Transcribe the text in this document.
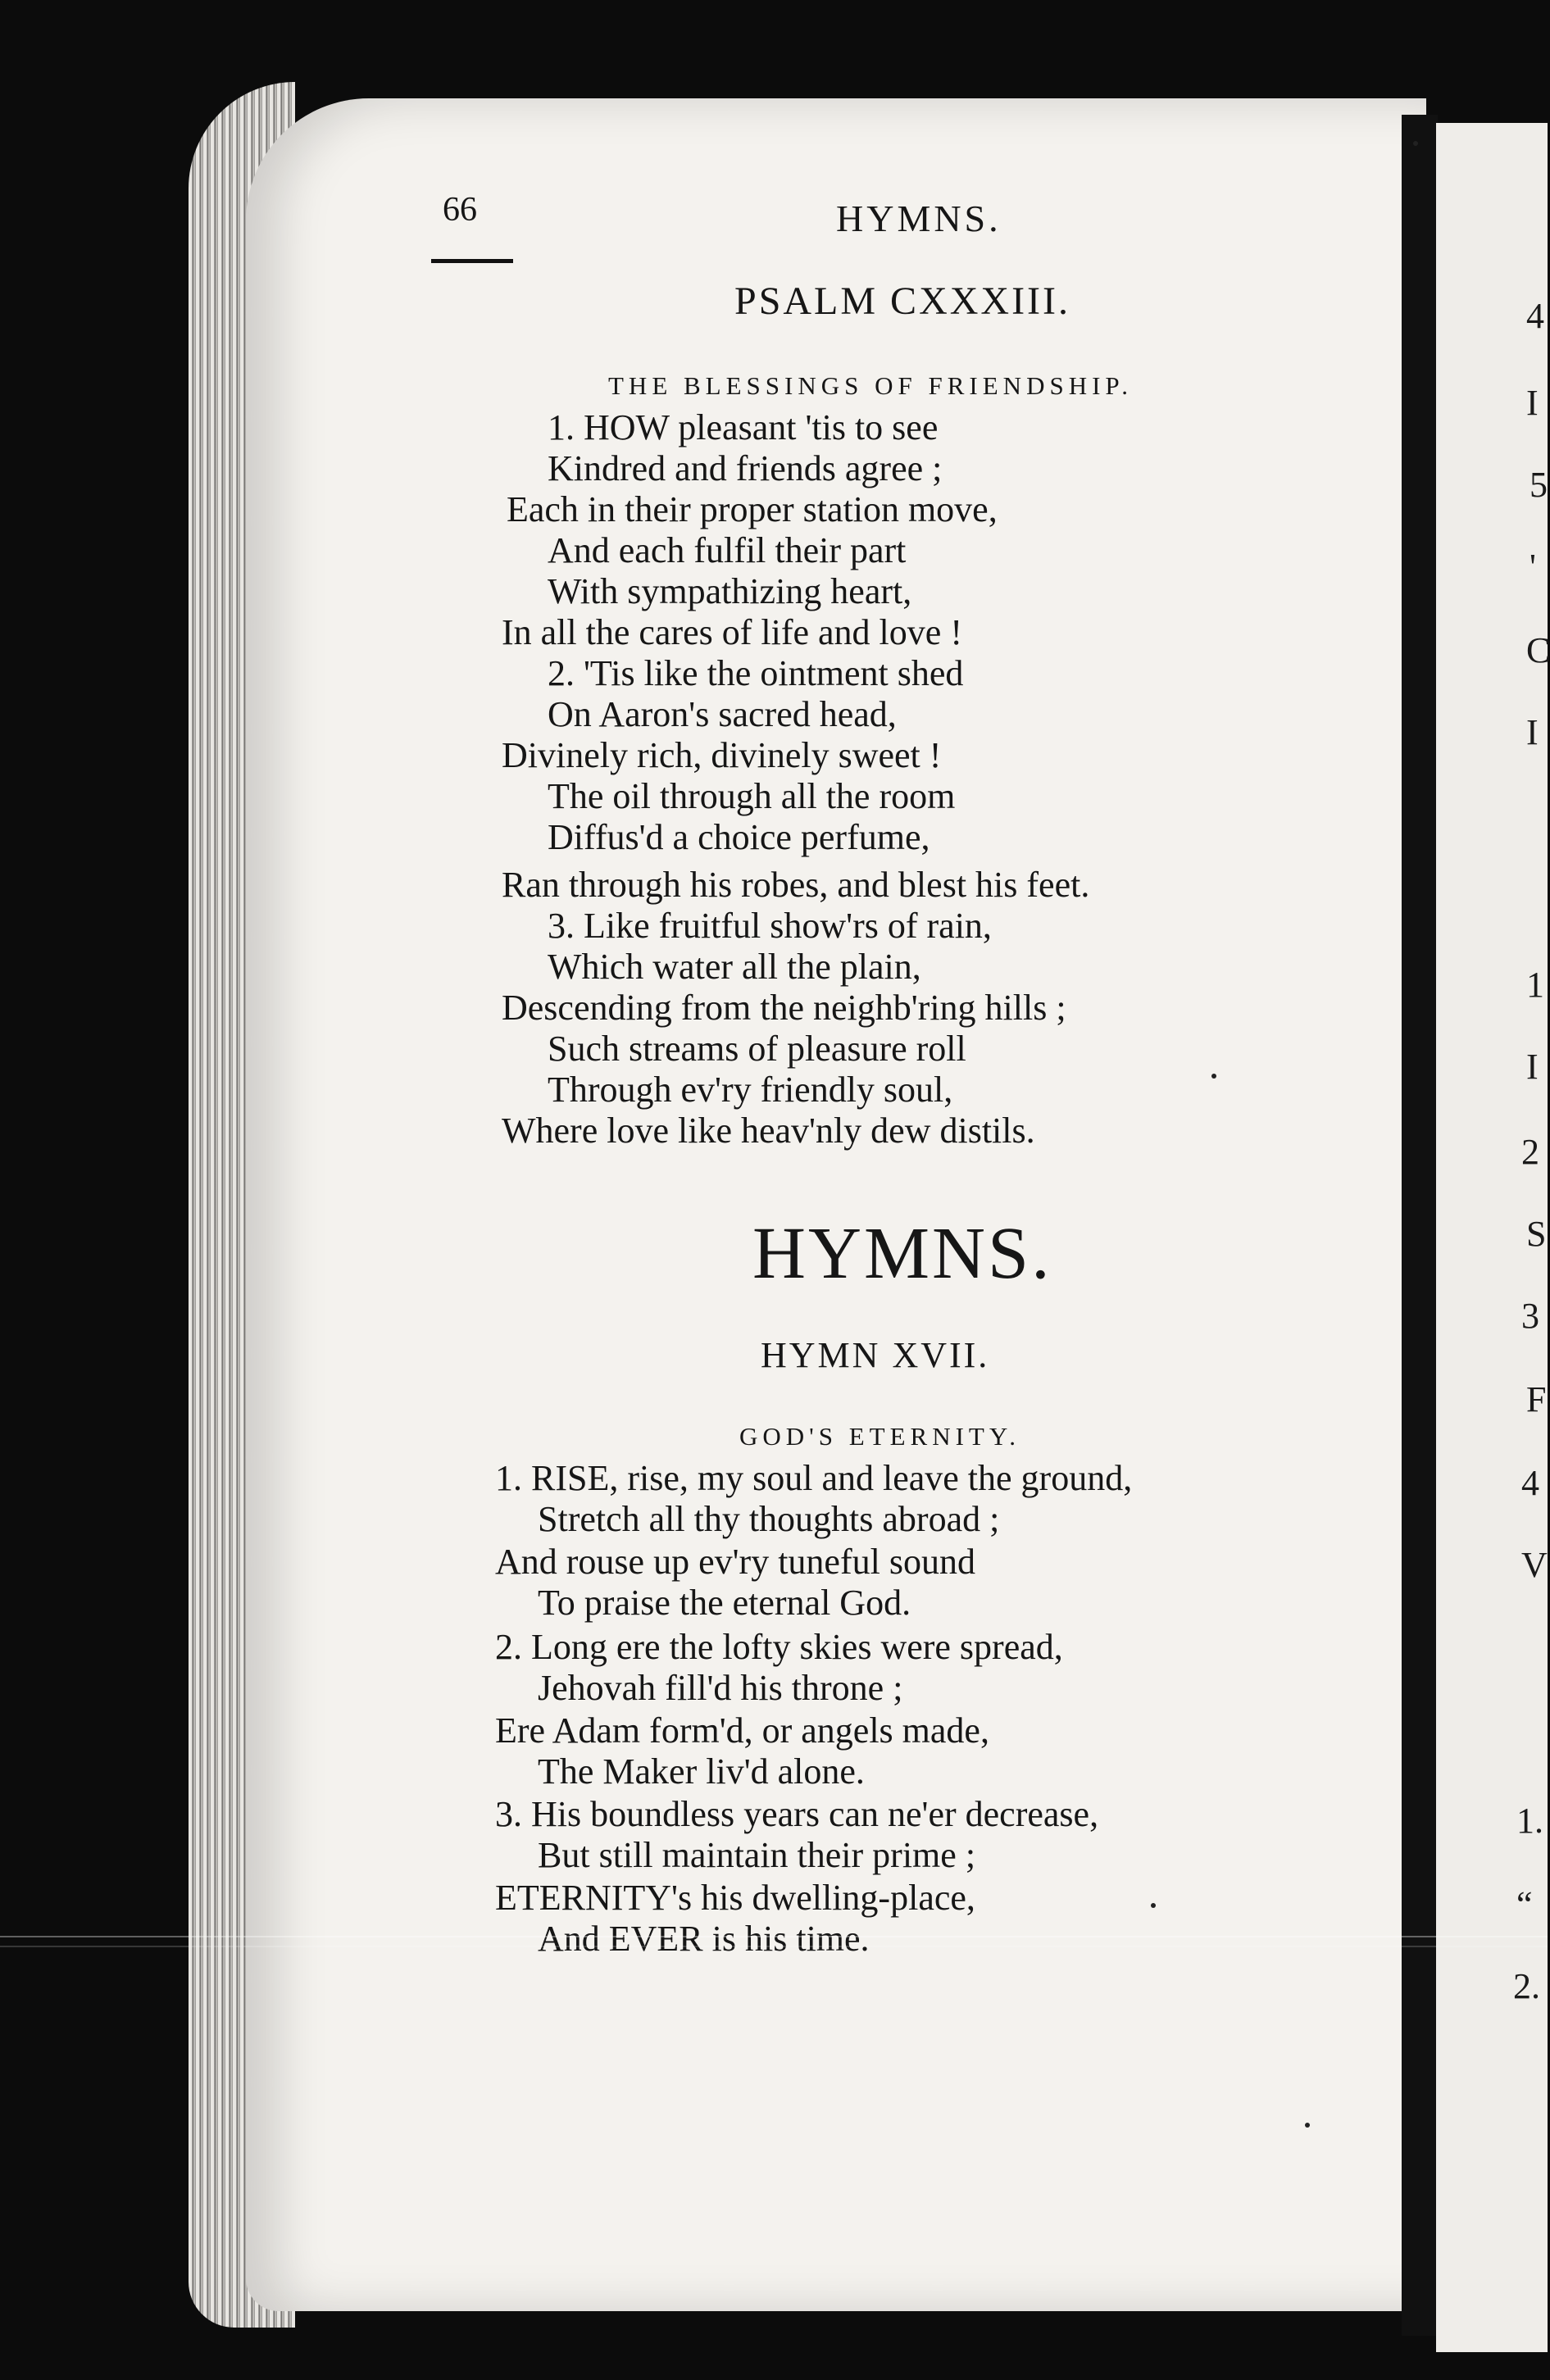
66	HYMNS.
PSALM CXXXIII.
THE BLESSINGS OF FRIENDSHIP.
1. HOW pleasant 'tis to see
Kindred and friends agree ;
Each in their proper station move,
And each fulfil their part
With sympathizing heart,
In all the cares of life and love !
2. 'Tis like the ointment shed
On Aaron's sacred head,
Divinely rich, divinely sweet !
The oil through all the room
Diffus'd a choice perfume,
Ran through his robes, and blest his feet.
3. Like fruitful show'rs of rain,
Which water all the plain,
Descending from the neighb'ring hills ;
Such streams of pleasure roll
Through ev'ry friendly soul,
Where love like heav'nly dew distils.
HYMNS.
HYMN XVII.
GOD'S ETERNITY.
1. RISE, rise, my soul and leave the ground,
Stretch all thy thoughts abroad ;
And rouse up ev'ry tuneful sound
To praise the eternal God.
2. Long ere the lofty skies were spread,
Jehovah fill'd his throne ;
Ere Adam form'd, or angels made,
The Maker liv'd alone.
3. His boundless years can ne'er decrease,
But still maintain their prime ;
ETERNITY's his dwelling-place,
And EVER is his time.
4
I
5
'
C
I
1
I
2
S
3
F
4
V
1.
“
2.
